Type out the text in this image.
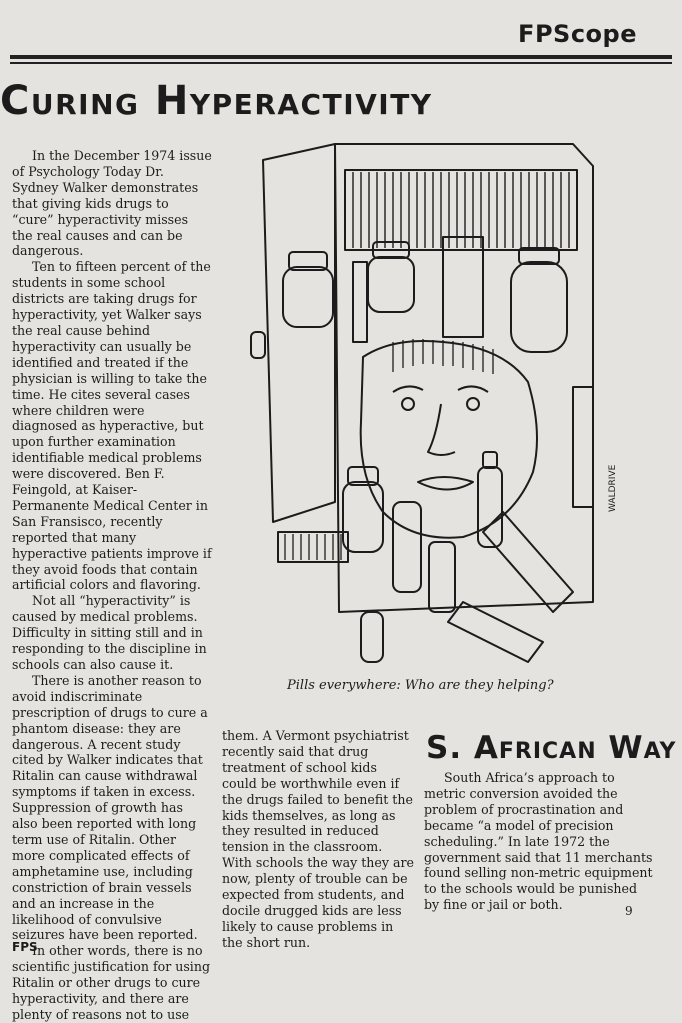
FPScope
Curing Hyperactivity

In the December 1974 issue of Psychology Today Dr. Sydney Walker demonstrates that giving kids drugs to “cure” hyperactivity misses the real causes and can be dangerous.

Ten to fifteen percent of the students in some school districts are taking drugs for hyperactivity, yet Walker says the real cause behind hyperactivity can usually be identified and treated if the physician is willing to take the time. He cites several cases where children were diagnosed as hyperactive, but upon further examination identifiable medical problems were discovered. Ben F. Feingold, at Kaiser-Permanente Medical Center in San Fransisco, recently reported that many hyperactive patients improve if they avoid foods that contain artificial colors and flavoring.

Not all “hyperactivity” is caused by medical problems. Difficulty in sitting still and in responding to the discipline in schools can also cause it.

There is another reason to avoid indiscriminate prescription of drugs to cure a phantom disease: they are dangerous. A recent study cited by Walker indicates that Ritalin can cause withdrawal symptoms if taken in excess. Suppression of growth has also been reported with long term use of Ritalin. Other more complicated effects of amphetamine use, including constriction of brain vessels and an increase in the likelihood of convulsive seizures have been reported.

In other words, there is no scientific justification for using Ritalin or other drugs to cure hyperactivity, and there are plenty of reasons not to use

WALDRIVE
Pills everywhere: Who are they helping?

them. A Vermont psychiatrist recently said that drug treatment of school kids could be worthwhile even if the drugs failed to benefit the kids themselves, as long as they resulted in reduced tension in the classroom. With schools the way they are now, plenty of trouble can be expected from students, and docile drugged kids are less likely to cause problems in the short run.

S. African Way

South Africa’s approach to metric conversion avoided the problem of procrastination and became “a model of precision scheduling.” In late 1972 the government said that 11 merchants found selling non-metric equipment to the schools would be punished by fine or jail or both.

FPS
9
